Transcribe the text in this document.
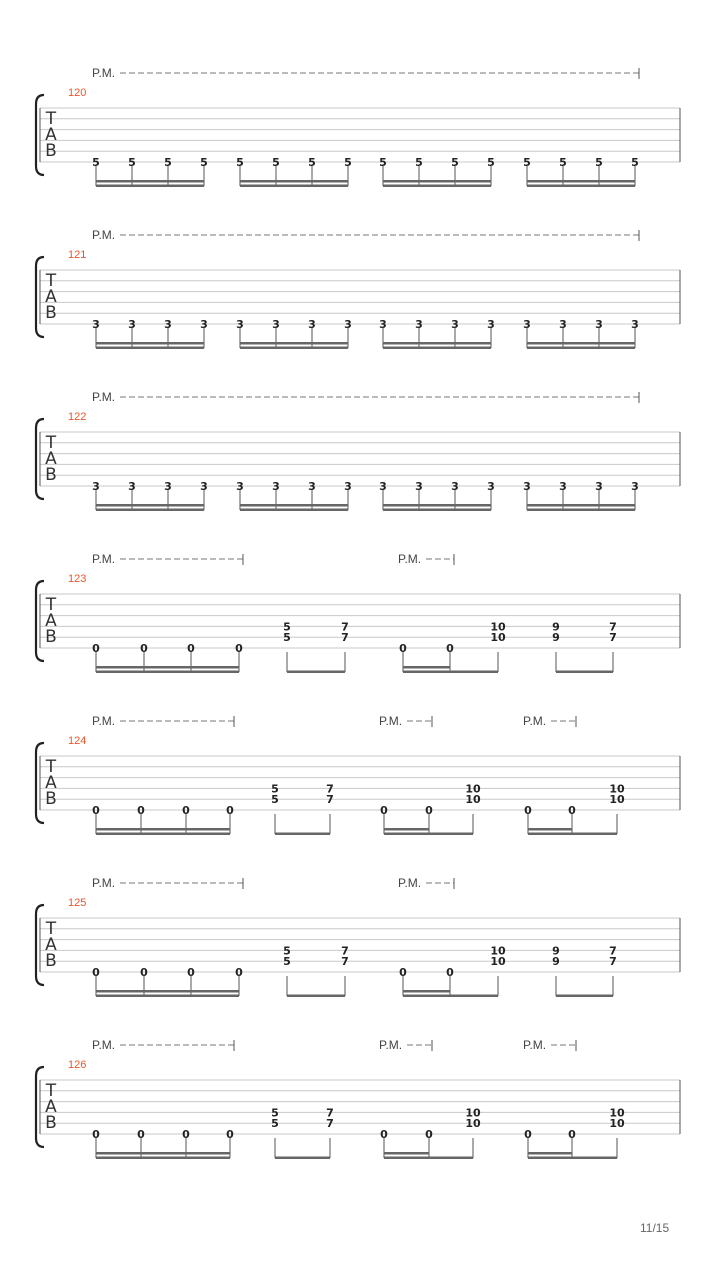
T
A
B
120
P.M.
5	5	5	5	5	5	5	5 5	5	5	5	5	5	5	5
T
A
B
121
P.M.
3	3	3	3	3	3	3	3 3	3	3	3	3	3	3	3
T
A
B
122
P.M.
3	3	3	3	3	3	3	3 3	3	3	3	3	3	3	3
T
A
B
123
P.M.	P.M.
0	0	0	0
5
5
7
7
0	0
10
10
9
9
7
7
T
A
B
124
P.M.	P.M.	P.M.
0	0	0	0
5
5
7
7
0	0
10
10
0	0
10
10
T
A
B
125
P.M.	P.M.
0	0	0	0
5
5
7
7
0	0
10
10
9
9
7
7
T
A
B
126
P.M.	P.M.	P.M.
0	0	0	0
5
5
7
7
0	0
10
10
0	0
10
10
11/15
